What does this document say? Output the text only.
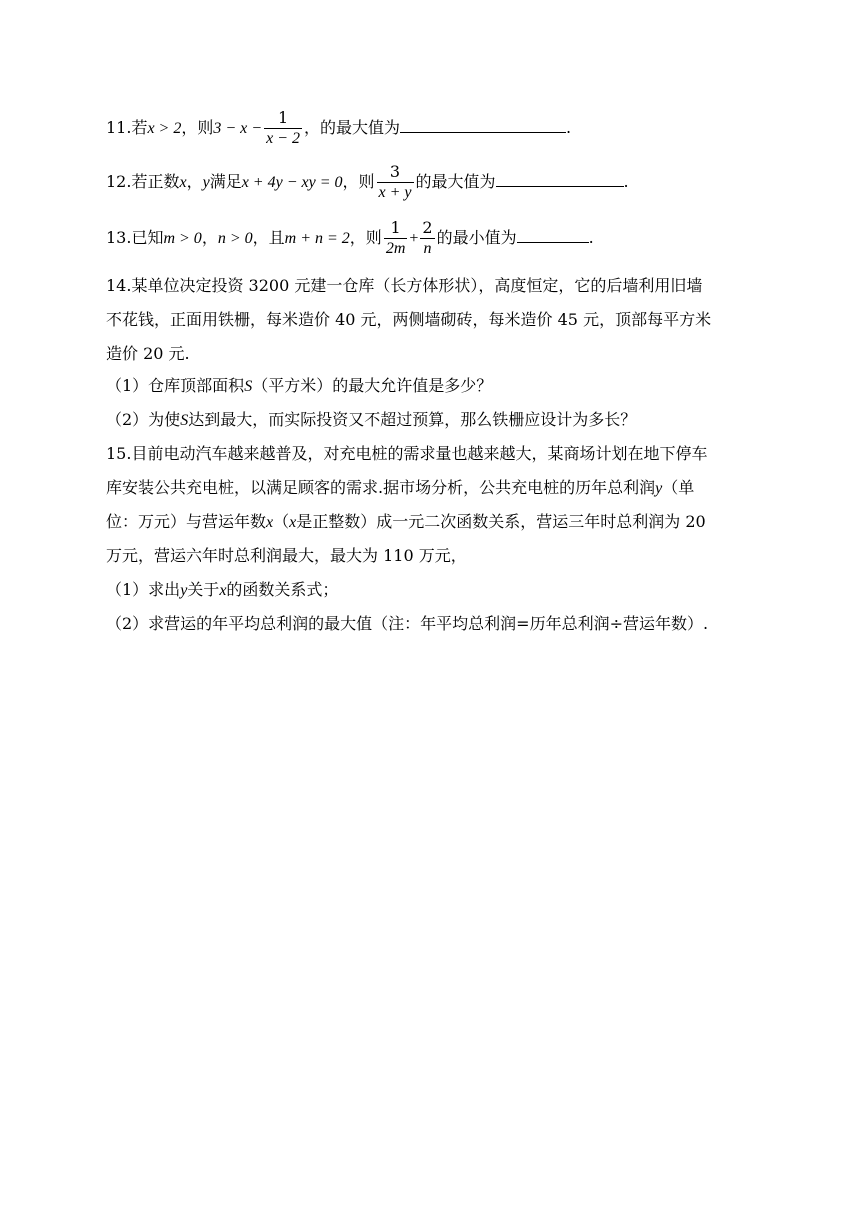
11.若x > 2，则$3 - x - \frac{1}{x - 2}$ ，的最大值为	.
12.若正数x，y满足x + 4y − xy = 0，则 $\frac{3}{x + y}$ 的最大值为	.
13.已知m > 0，n > 0，且m + n = 2，则 $\frac{1}{2m} + \frac{2}{n}$ 的最小值为	.
14.某单位决定投资 3200 元建一仓库（长方体形状），高度恒定，它的后墙利用旧墙
不花钱，正面用铁栅，每米造价 40 元，两侧墙砌砖，每米造价 45 元，顶部每平方米
造价 20 元.
（1）仓库顶部面积S（平方米）的最大允许值是多少？
（2）为使S达到最大，而实际投资又不超过预算，那么铁栅应设计为多长？
15.目前电动汽车越来越普及，对充电桩的需求量也越来越大，某商场计划在地下停车
库安装公共充电桩，以满足顾客的需求.据市场分析，公共充电桩的历年总利润y（单
位：万元）与营运年数x（x是正整数）成一元二次函数关系，营运三年时总利润为 20
万元，营运六年时总利润最大，最大为 110 万元，
（1）求出y关于x的函数关系式；
（2）求营运的年平均总利润的最大值（注：年平均总利润=历年总利润÷营运年数）.
